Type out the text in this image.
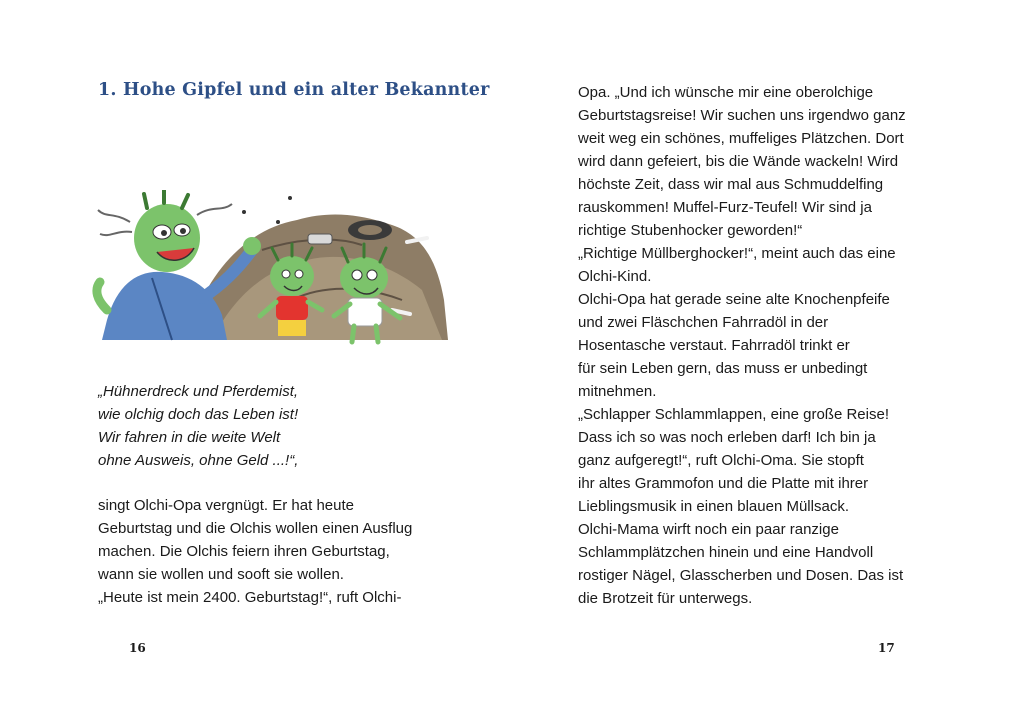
1. Hohe Gipfel und ein alter Bekannter
„Hühnerdreck und Pferdemist,
wie olchig doch das Leben ist!
Wir fahren in die weite Welt
ohne Ausweis, ohne Geld ...!“,
singt Olchi-Opa vergnügt. Er hat heute
Geburtstag und die Olchis wollen einen Ausflug
machen. Die Olchis feiern ihren Geburtstag,
wann sie wollen und sooft sie wollen.
„Heute ist mein 2400. Geburtstag!“, ruft Olchi-
16
Opa. „Und ich wünsche mir eine oberolchige
Geburtstagsreise! Wir suchen uns irgendwo ganz
weit weg ein schönes, muffeliges Plätzchen. Dort
wird dann gefeiert, bis die Wände wackeln! Wird
höchste Zeit, dass wir mal aus Schmuddelfing
rauskommen! Muffel-Furz-Teufel! Wir sind ja
richtige Stubenhocker geworden!“
„Richtige Müllberghocker!“, meint auch das eine
Olchi-Kind.
Olchi-Opa hat gerade seine alte Knochenpfeife
und zwei Fläschchen Fahrradöl in der
Hosentasche verstaut. Fahrradöl trinkt er
für sein Leben gern, das muss er unbedingt
mitnehmen.
„Schlapper Schlammlappen, eine große Reise!
Dass ich so was noch erleben darf! Ich bin ja
ganz aufgeregt!“, ruft Olchi-Oma. Sie stopft
ihr altes Grammofon und die Platte mit ihrer
Lieblingsmusik in einen blauen Müllsack.
Olchi-Mama wirft noch ein paar ranzige
Schlammplätzchen hinein und eine Handvoll
rostiger Nägel, Glasscherben und Dosen. Das ist
die Brotzeit für unterwegs.
17
